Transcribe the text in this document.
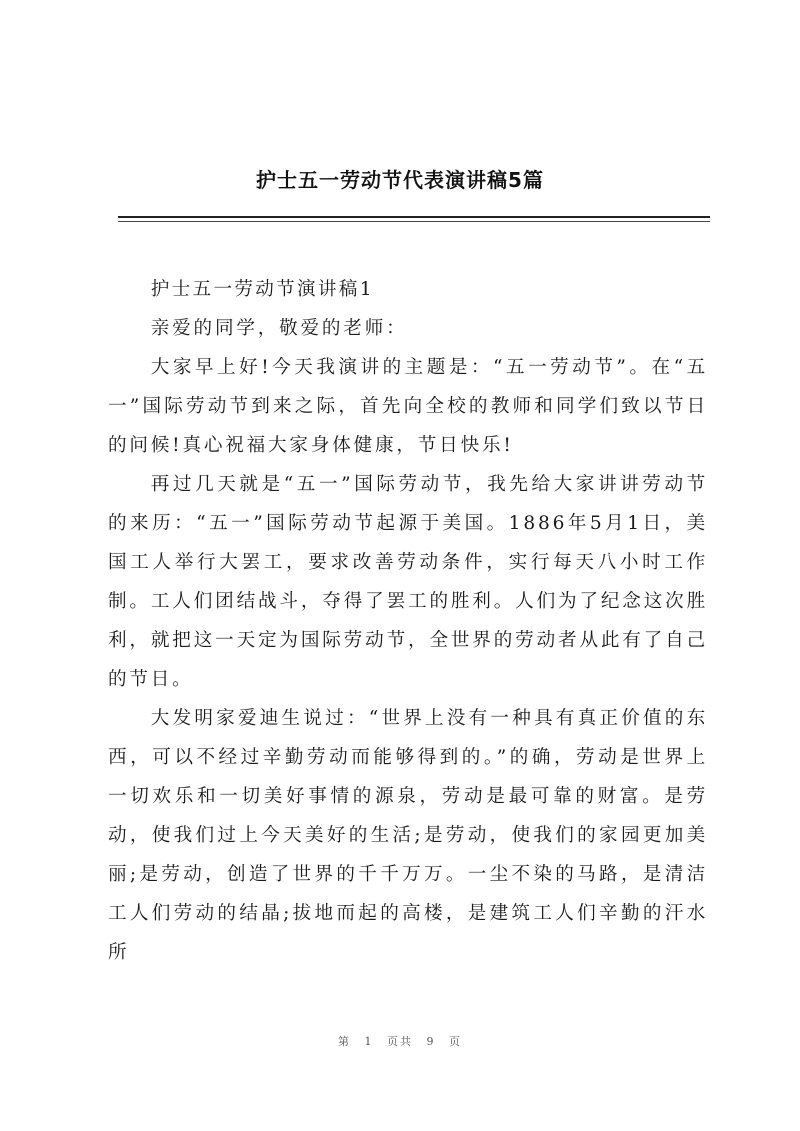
护士五一劳动节代表演讲稿5篇

护士五一劳动节演讲稿1

亲爱的同学，敬爱的老师：

大家早上好!今天我演讲的主题是：“五一劳动节”。在“五一”国际劳动节到来之际，首先向全校的教师和同学们致以节日的问候!真心祝福大家身体健康，节日快乐!

再过几天就是“五一”国际劳动节，我先给大家讲讲劳动节的来历：“五一”国际劳动节起源于美国。1886年5月1日，美国工人举行大罢工，要求改善劳动条件，实行每天八小时工作制。工人们团结战斗，夺得了罢工的胜利。人们为了纪念这次胜利，就把这一天定为国际劳动节，全世界的劳动者从此有了自己的节日。

大发明家爱迪生说过：“世界上没有一种具有真正价值的东西，可以不经过辛勤劳动而能够得到的。”的确，劳动是世界上一切欢乐和一切美好事情的源泉，劳动是最可靠的财富。是劳动，使我们过上今天美好的生活;是劳动，使我们的家园更加美丽;是劳动，创造了世界的千千万万。一尘不染的马路，是清洁工人们劳动的结晶;拔地而起的高楼，是建筑工人们辛勤的汗水所

第 1 页共 9 页
